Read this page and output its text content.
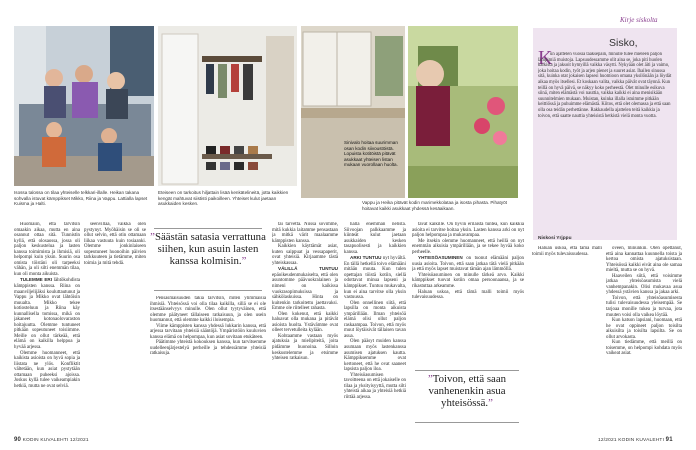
Isossa talossa on tilaa yhteiselle telkkari-illalle. Heikan takana sohvalla istuvat kämppikset Mikko, Riina ja Vappu. Lattialla lapset Kuisma ja Halti.
Eteiseen on tarkoitus hiljattain lisää kenkätelineitä, jotta kaikkien kengät mahtuvat siististi paikoilleen. Yhteiset kulut jaetaan asukkaiden kesken.
Sinivalo hoitaa suurimman osan kodin siivoustöistä. Lopuista kotitöistä pitävät asukkaat yhteisen listan mukaan vuorollaan huolta.
Vappu ja Heika pitävät kodin marimekkolataa ja isosta pihasta. Pihatyöt hoitavat kaikki asukkaat yhdessä kesäaikaan.
Kirje siskolta
Sisko,
K
un ajattelen vuosia taaksepäin, minulle tulee mieleen paljon lämpimiä muistoja. Lapsuudessamme olit aina se, joka piti huolen kaikista ja jaksoit hymyillä vaikka väsytti. Nykyään olet äiti ja vaimo, joka hoitaa kodin, työt ja arjen pienet ja suuret asiat. Ihailen sinussa sitä, kuinka otat jokaisen lapsesi huomioon omana yksilönään ja löydät aikaa myös itsellesi. Et koskaan valita, vaikka päivät ovat täynnä. Kun teillä on hyvä päivä, se näkyy koko perheestä. Olet minulle esikuva siinä, miten elämästä voi nauttia, vaikka kaikki ei aina menisikään suunnitelmien mukaan. Muistan, kuinka illalla istuimme pitkään keittiössä ja puhuimme elämästä. Kiitos, että olet olemassa ja että saan olla osa teidän perhettänne. Rakkaudella ajattelen teitä kaikkia ja toivon, että saatte nauttia yhteisistä hetkistä vielä monta vuotta.
Niskosi Yrjppu

Huomaiin, että tarvitsin omaakin aikaa, mutta en aina osannut ottaa sitä. Tunnistin kyllä, että olosaossa, jossa oli paljon keskustelua ja lasten kanssa toimimista ja ihmisiä, oli helpompi kuin yksin. Suurin osa omista töistäni oli tarpeeksi vähän, ja oli silti enemmän tilaa, kun oli monta aikuista.

TULEMME ERI lähtökohdista kämppisten kanssa. Riina on maanviljelijäksi kouluttautunut ja Vappu ja Mikko ovat lähtöisin muualta. Mikko tekee kotiosteluun ja Riina käy kunnallisella tomissa, mikä on jakaneet kotonaolovaraston hoitajuutta. Olemme tuntuneet pitkään sopeutuneet toisiimme. Meille on ollut tärkeää, että elämä on kaikilla helppoa ja hyvää arjessa.

Olemme huomanneet, että kaikista asioista on hyvä sopia ja liistata ne ylös. Konfliktit vältetään, kun asiat pystytään ottamaan puheeksi ajoissa. Joskus kyllä tulee vaikeampiakin hetkiä, mutta ne ovat selviä.

”Säästän satasia verrattuna siihen, kun asuin lasten kanssa kolmisin.”

seenvillaa, vaikka olen pystynyt. Myöhäisin se oli se ollut selvin, että otin ottamaan liikaa vastuuta kuin tosiaanki. Olemme jonkinlaiseen sopeutuneet huonoihin päivien tarkkuuteen ja tietämme, miten toimia ja mitä tehdä.

Pensasmaisuuden takia tarvitsin, miten ylimmäisiä ihmisiä. Yhteisössä voi olla tilaa kaikilla, sillä se ei ole itsestäänselvyys minulle. Olen ollut tyytyväinen, että olemme päätyneet tällaiseen ratkaisuun, ja olen usein huomannut, että olemme kaikki iloisempia.

Viime kämppisten kanssa yhdessä lukkarin kanssa, että arjessa tarvitaan yhteisiä sääntöjä. Ympäristöön kuuluvien kanssa elämä on helpompaa, kun asiat sovitaan etukäteen.

Päätimme yhteistä kokouksen kanssa, kun tarvitsemme uudelleenjärjestelyä perheille ja tehdessämme yhteisiä ratkaisuja.

tai tarvetta. Niissä sovimme, mitä kukkia laitamme pensastaan ja mitkä värit maalaamme kämppisten kanssa.

Kaikkien käyttämät asiat, kuten saippuat ja vessapaperit, ovat yhteisiä. Kirjaamme tästä yhteiskassaa.

VÄLILLÄ TUNTUU epäoikeudenmukaiselta, että olen asuntomme päävuokralainen ja nimeni on kaikissa vuokrasopimuksissa ja sähkölaskuissa. Hinta on kuitenkin tarkoitettu jaettavaksi. Emme ole riitelleet rahasta.

Olen kokenut, että kaikki haluavat olla mukana ja pitävät asioista huolta. Ystävämme ovat olleet tervetulleita kylään.

Kohtaamme vastaan myös ajatuksia ja mielipiteitä, joita pidämme huonoina. Silloin keskustelemme ja etsimme yhteisen ratkaisun.

halla enemmän nelistä. Siivoojan palkkaamme ja kiinteät kulut jaetaan asukkaiden kesken tasapuolisesti ja kaikkien kanssa.

ARKI TUNTUU nyt hyvältä. En tällä hetkellä toivo elämääni mitään muuta. Kun tulen opettajan töistä kotiin, siellä odottavat minua lapseni ja kämppikset. Tuntuu mukavalta, kun ei aina tarvitse olla yksin vastuussa.

Olen onnellinen siitä, että lapsilla on monta aikuista ympärillään. Ilman yhteisöä elämä olisi ollut paljon raskaampaa. Toivon, että myös muut löytäisivät tällaisen tavan asua.

Olen pääsyt muiden kanssa asumaan myös lastenkanssa asumisen ajatuksen kautta. Kämppiksemme ovat kertoneet, että he ovat saaneet lapsista paljon iloa.

Yhteisöasumisen tavoitteena on että jokaiselle on tilaa ja yksityisyyttä, mutta silti yhteistä aikaa ja yhteisiä hetkiä riittää arjessa.

tavat kaikille. On hyvin erilaista tuntea, kun kaikkia asioita ei tarvitse hoitaa yksin. Lasten kanssa arki on nyt paljon helpompaa ja mukavampaa.

Me itsekin olemme huomanneet, että heillä on nyt enemmän aikuisia ympärillään, ja se tekee hyvää koko perheelle.

YHTEISÖASUMINEN on tuonut elämääni paljon uusia asioita. Toivon, että saan jatkaa tätä vielä pitkään ja että myös lapset muistavat tämän ajan lämmöllä.

Yhteisöasuminen on minulle tärkeä arvo. Kaikki kämppikset tuovat kotiin omaa persoonaansa, ja se rikastuttaa arkeamme.

Haluan uskoa, että tämä malli toimii myös tulevaisuudessa.

”Toivon, että saan vanhenenkin asua yhteisössä.”

oveen, minunkin. Olen opettanut, että aina kannattaa kuunnella toista ja kertoa omista ajatuksistaan. Yhteisössä kaikki eivät aina ole samaa mieltä, mutta se on hyvä.

Haaveilen siitä, että voisimme jatkaa yhteisöasumista vielä vanhempanakin. Olisi mukavaa asua yhdessä ystävien kanssa ja jakaa arki.

Toivon, että yhteisöasumisesta tulisi tulevaisuudessa yleisempää. Se tarjoaa monille tukea ja turvaa, jota muuten voisi olla vaikea löytää.

Kun katson lapsiani, huomaan, että he ovat oppineet paljon toisilta aikuisilta ja toisilta lapsilta. Se on ollut arvokasta.

Kun tiedämme, että meillä on toisemme, on helpompi kohdata myös vaikeat asiat.

Haluan uskoa, että tämä malli toimii myös tulevaisuudessa.

90 KODIN KUVALEHTI 12/2021	12/2021 KODIN KUVALEHTI 91
